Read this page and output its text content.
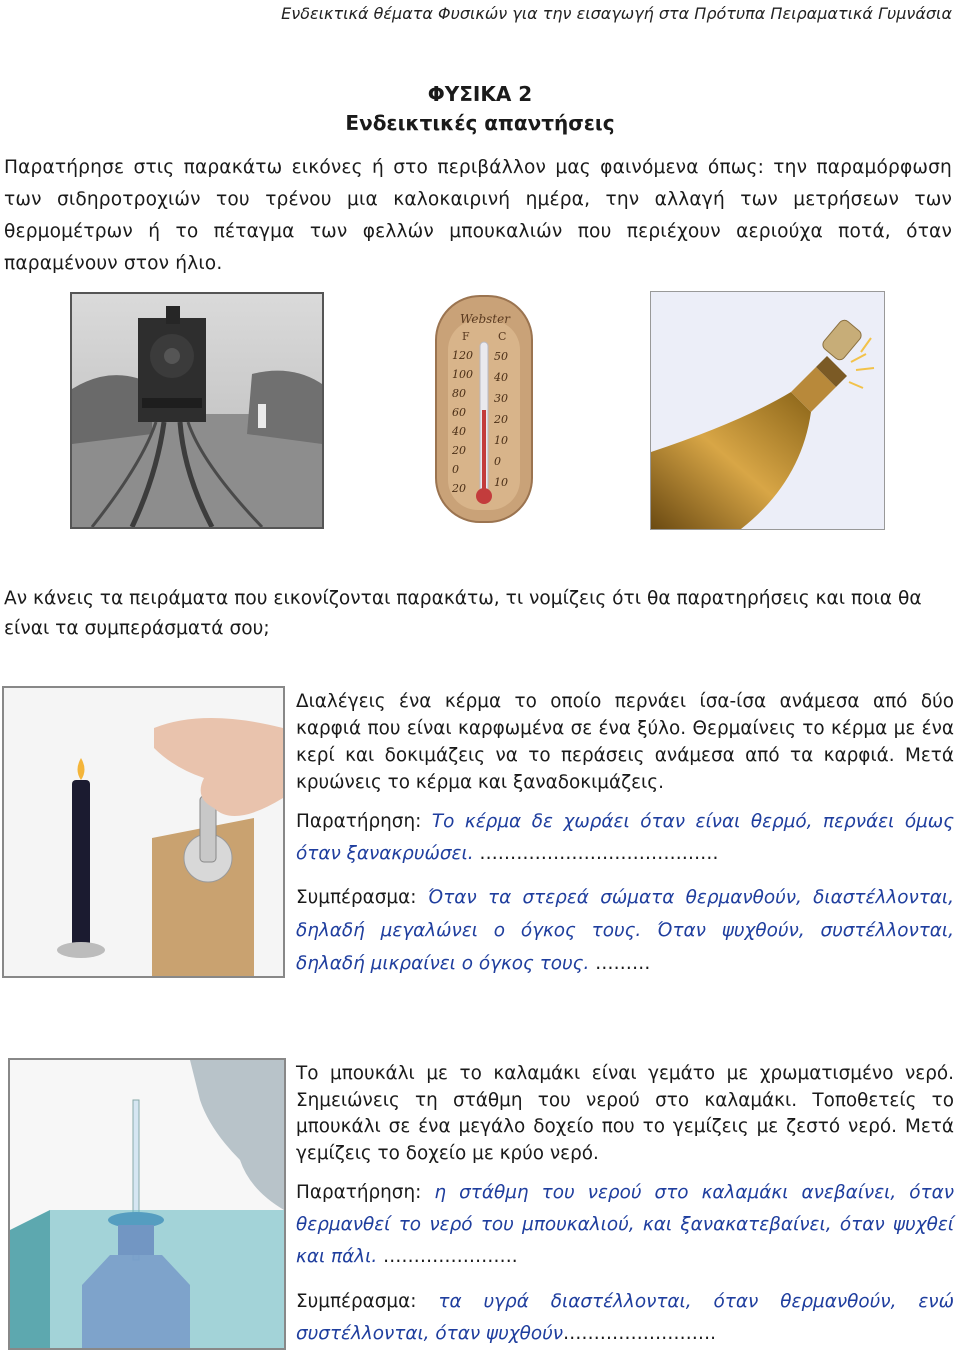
Ενδεικτικά θέματα Φυσικών για την εισαγωγή στα Πρότυπα Πειραματικά Γυμνάσια
ΦΥΣΙΚΑ 2
Ενδεικτικές απαντήσεις
Παρατήρησε στις παρακάτω εικόνες ή στο περιβάλλον μας φαινόμενα όπως: την παραμόρφωση των σιδηροτροχιών του τρένου μια καλοκαιρινή ημέρα, την αλλαγή των μετρήσεων των θερμομέτρων ή το πέταγμα των φελλών μπουκαλιών που περιέχουν αεριούχα ποτά, όταν παραμένουν στον ήλιο.
Webster
F	C
120
100
80
60
40
20
0
20
50
40
30
20
10
0
10
Αν κάνεις τα πειράματα που εικονίζονται παρακάτω, τι νομίζεις ότι θα παρατηρήσεις και ποια θα είναι τα συμπεράσματά σου;

Διαλέγεις ένα κέρμα το οποίο περνάει ίσα-ίσα ανάμεσα από δύο καρφιά που είναι καρφωμένα σε ένα ξύλο. Θερμαίνεις το κέρμα με ένα κερί και δοκιμάζεις να το περάσεις ανάμεσα από τα καρφιά. Μετά κρυώνεις το κέρμα και ξαναδοκιμάζεις.

Παρατήρηση: Το κέρμα δε χωράει όταν είναι θερμό, περνάει όμως όταν ξανακρυώσει. …………………………………

Συμπέρασμα: Όταν τα στερεά σώματα θερμανθούν, διαστέλλονται, δηλαδή μεγαλώνει ο όγκος τους. Όταν ψυχθούν, συστέλλονται, δηλαδή μικραίνει ο όγκος τους. ………

Το μπουκάλι με το καλαμάκι είναι γεμάτο με χρωματισμένο νερό. Σημειώνεις τη στάθμη του νερού στο καλαμάκι. Τοποθετείς το μπουκάλι σε ένα μεγάλο δοχείο που το γεμίζεις με ζεστό νερό. Μετά γεμίζεις το δοχείο με κρύο νερό.

Παρατήρηση: η στάθμη του νερού στο καλαμάκι ανεβαίνει, όταν θερμανθεί το νερό του μπουκαλιού, και ξανακατεβαίνει, όταν ψυχθεί και πάλι. ………………….

Συμπέρασμα: τα υγρά διαστέλλονται, όταν θερμανθούν, ενώ συστέλλονται, όταν ψυχθούν…………………….
